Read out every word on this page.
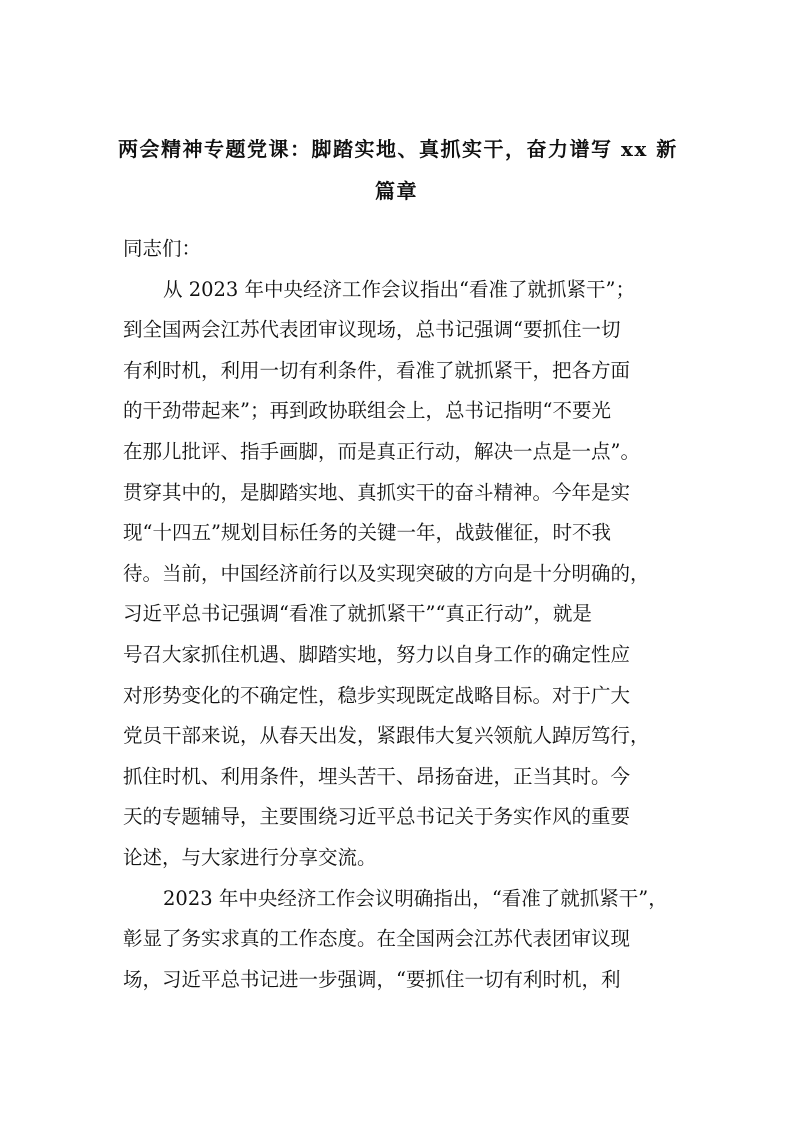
两会精神专题党课：脚踏实地、真抓实干，奋力谱写 xx 新
篇章
同志们：
从 2023 年中央经济工作会议指出“看准了就抓紧干”；
到全国两会江苏代表团审议现场，总书记强调“要抓住一切
有利时机，利用一切有利条件，看准了就抓紧干，把各方面
的干劲带起来”；再到政协联组会上，总书记指明“不要光
在那儿批评、指手画脚，而是真正行动，解决一点是一点”。
贯穿其中的，是脚踏实地、真抓实干的奋斗精神。今年是实
现“十四五”规划目标任务的关键一年，战鼓催征，时不我
待。当前，中国经济前行以及实现突破的方向是十分明确的，
习近平总书记强调“看准了就抓紧干”“真正行动”，就是
号召大家抓住机遇、脚踏实地，努力以自身工作的确定性应
对形势变化的不确定性，稳步实现既定战略目标。对于广大
党员干部来说，从春天出发，紧跟伟大复兴领航人踔厉笃行，
抓住时机、利用条件，埋头苦干、昂扬奋进，正当其时。今
天的专题辅导，主要围绕习近平总书记关于务实作风的重要
论述，与大家进行分享交流。
2023 年中央经济工作会议明确指出，“看准了就抓紧干”，
彰显了务实求真的工作态度。在全国两会江苏代表团审议现
场，习近平总书记进一步强调，“要抓住一切有利时机，利
